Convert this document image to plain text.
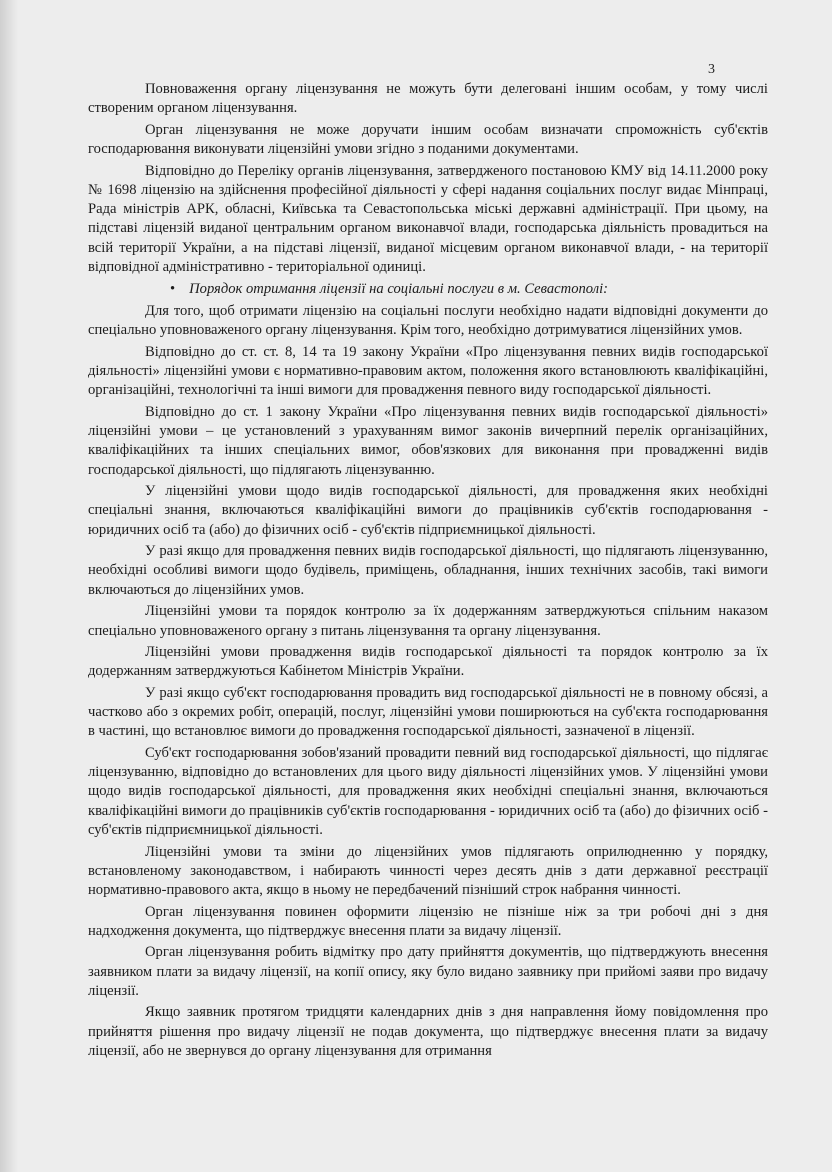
3

Повноваження органу ліцензування не можуть бути делеговані іншим особам, у тому числі створеним органом ліцензування.

Орган ліцензування не може доручати іншим особам визначати спроможність суб'єктів господарювання виконувати ліцензійні умови згідно з поданими документами.

Відповідно до Переліку органів ліцензування, затвердженого постановою КМУ від 14.11.2000 року № 1698 ліцензію на здійснення професійної діяльності у сфері надання соціальних послуг видає Мінпраці, Рада міністрів АРК, обласні, Київська та Севастопольська міські державні адміністрації. При цьому, на підставі ліцензій виданої центральним органом виконавчої влади, господарська діяльність провадиться на всій території України, а на підставі ліцензії, виданої місцевим органом виконавчої влади, - на території відповідної адміністративно - територіальної одиниці.

• Порядок отримання ліцензії на соціальні послуги в м. Севастополі:

Для того, щоб отримати ліцензію на соціальні послуги необхідно надати відповідні документи до спеціально уповноваженого органу ліцензування. Крім того, необхідно дотримуватися ліцензійних умов.

Відповідно до ст. ст. 8, 14 та 19 закону України «Про ліцензування певних видів господарської діяльності» ліцензійні умови є нормативно-правовим актом, положення якого встановлюють кваліфікаційні, організаційні, технологічні та інші вимоги для провадження певного виду господарської діяльності.

Відповідно до ст. 1 закону України «Про ліцензування певних видів господарської діяльності» ліцензійні умови – це установлений з урахуванням вимог законів вичерпний перелік організаційних, кваліфікаційних та інших спеціальних вимог, обов'язкових для виконання при провадженні видів господарської діяльності, що підлягають ліцензуванню.

У ліцензійні умови щодо видів господарської діяльності, для провадження яких необхідні спеціальні знання, включаються кваліфікаційні вимоги до працівників суб'єктів господарювання - юридичних осіб та (або) до фізичних осіб - суб'єктів підприємницької діяльності.

У разі якщо для провадження певних видів господарської діяльності, що підлягають ліцензуванню, необхідні особливі вимоги щодо будівель, приміщень, обладнання, інших технічних засобів, такі вимоги включаються до ліцензійних умов.

Ліцензійні умови та порядок контролю за їх додержанням затверджуються спільним наказом спеціально уповноваженого органу з питань ліцензування та органу ліцензування.

Ліцензійні умови провадження видів господарської діяльності та порядок контролю за їх додержанням затверджуються Кабінетом Міністрів України.

У разі якщо суб'єкт господарювання провадить вид господарської діяльності не в повному обсязі, а частково або з окремих робіт, операцій, послуг, ліцензійні умови поширюються на суб'єкта господарювання в частині, що встановлює вимоги до провадження господарської діяльності, зазначеної в ліцензії.

Суб'єкт господарювання зобов'язаний провадити певний вид господарської діяльності, що підлягає ліцензуванню, відповідно до встановлених для цього виду діяльності ліцензійних умов. У ліцензійні умови щодо видів господарської діяльності, для провадження яких необхідні спеціальні знання, включаються кваліфікаційні вимоги до працівників суб'єктів господарювання - юридичних осіб та (або) до фізичних осіб - суб'єктів підприємницької діяльності.

Ліцензійні умови та зміни до ліцензійних умов підлягають оприлюдненню у порядку, встановленому законодавством, і набирають чинності через десять днів з дати державної реєстрації нормативно-правового акта, якщо в ньому не передбачений пізніший строк набрання чинності.

Орган ліцензування повинен оформити ліцензію не пізніше ніж за три робочі дні з дня надходження документа, що підтверджує внесення плати за видачу ліцензії.

Орган ліцензування робить відмітку про дату прийняття документів, що підтверджують внесення заявником плати за видачу ліцензії, на копії опису, яку було видано заявнику при прийомі заяви про видачу ліцензії.

Якщо заявник протягом тридцяти календарних днів з дня направлення йому повідомлення про прийняття рішення про видачу ліцензії не подав документа, що підтверджує внесення плати за видачу ліцензії, або не звернувся до органу ліцензування для отримання
